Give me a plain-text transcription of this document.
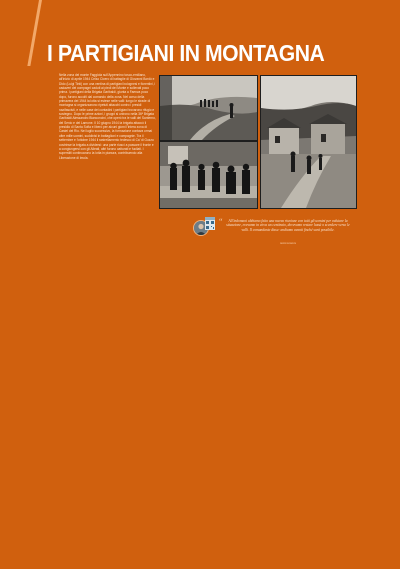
I PARTIGIANI IN MONTAGNA

Nella zona del monte Faggiola sull'Appennino tosco-emiliano, all'inizio di aprile 1944 Celso Cicero di battaglie di Giovanni Bordò e Dido (Luigi Tinti) con una ventina di partigiani bolognesi e fiorentini, i cadaveri dei compagni caduti ai piedi del Monte e sollevati poco prima. I partigiani della Brigata Garibaldi, giunta a Faenza poco dopo, furono accolti dal comando della zona. Nel corso della primavera del 1944 la lotta si estese nelle valli: lungo le strade di montagna si organizzarono ripetuti attacchi contro i presidi nazifascisti, e nelle case dei contadini i partigiani trovarono rifugio e sostegno. Dopo le prime azioni, i gruppi si unirono nella 36ª Brigata Garibaldi Alessandro Bianconcini, che operò tra le valli del Santerno, del Senio e del Lamone. Il 10 giugno 1944 la brigata attaccò il presidio di Santa Sofia e liberò per alcuni giorni l'intera zona di Castel del Rio. Nel luglio successivo, la formazione contava ormai oltre mille uomini, suddivisi in battaglioni e compagnie. Tra il settembre e l'ottobre 1944 il rastrellamento tedesco di Ca' di Guzzo costrinse la brigata a dividersi: una parte riuscì a passare il fronte e a congiungersi con gli Alleati, altri furono catturati e fucilati. I superstiti continuarono la lotta in pianura, contribuendo alla Liberazione di Imola.

“	All'indomani abbiamo fatto una nuova riunione con tutti gli uomini per valutare la situazione, eravamo in circa un centinaio, dovevamo restare lassù o scendere verso le valli. Il comandante disse: andiamo avanti finché sarà possibile.

testimonianza
